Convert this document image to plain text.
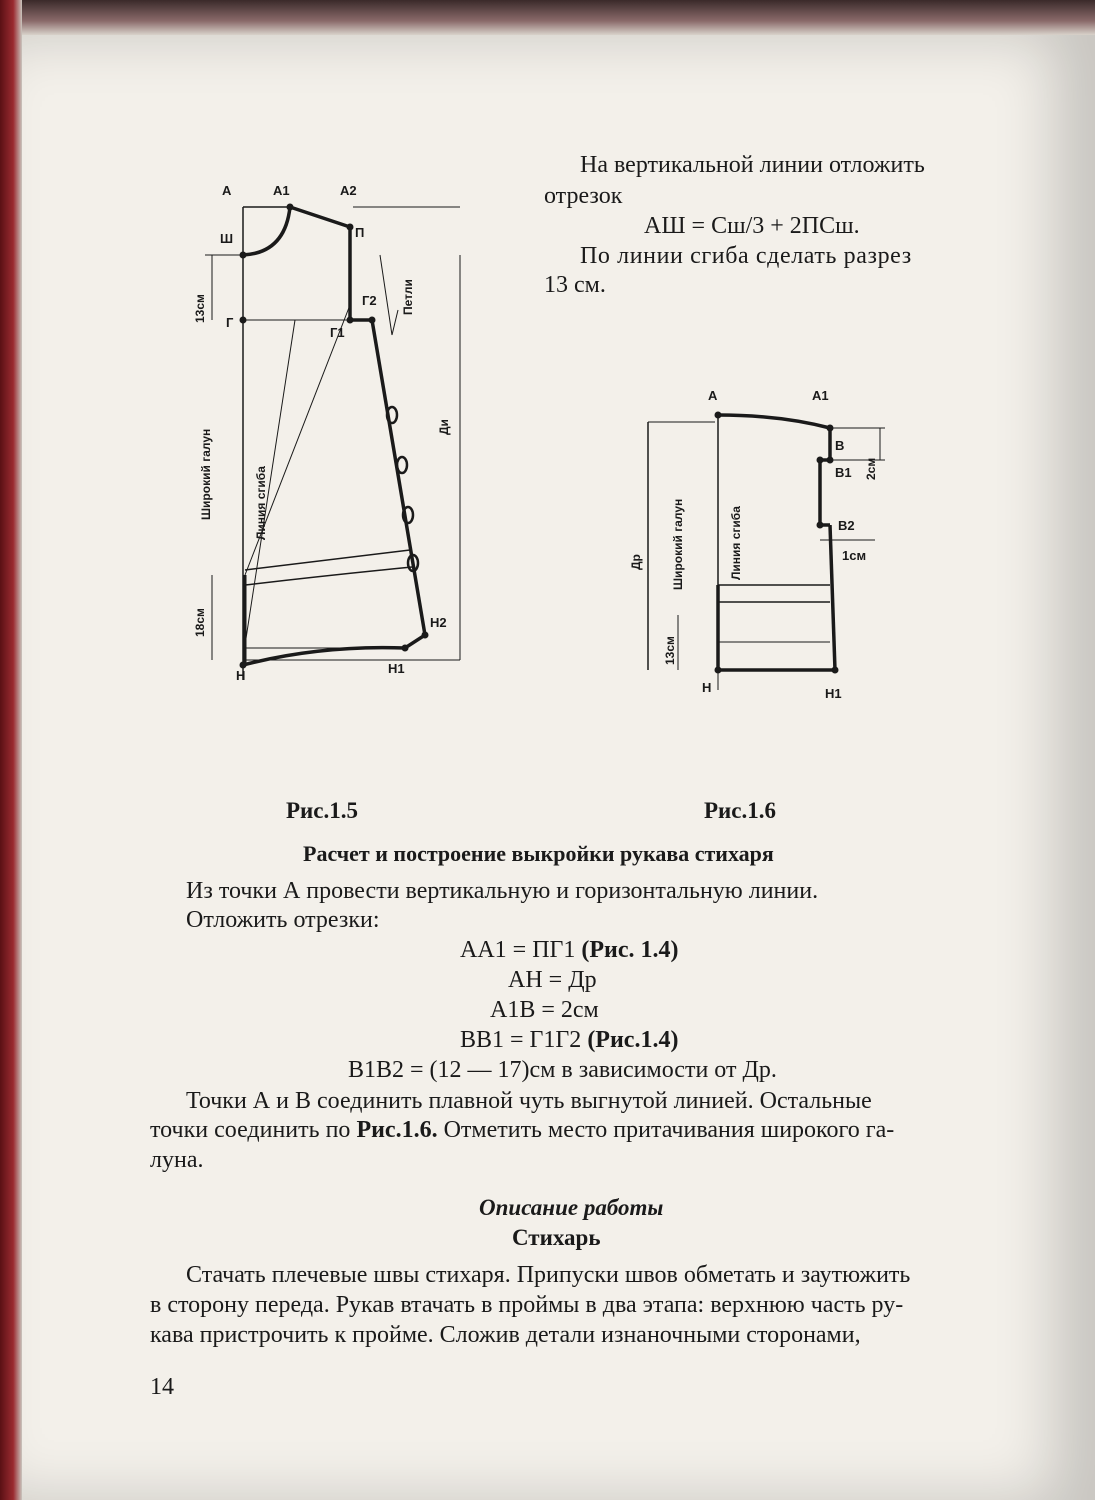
На вертикальной линии отложить
отрезок
АШ = Сш/3 + 2ПСш.
По линии сгиба сделать разрез
13 см.
А	А1	А2
Ш	П
Г
Г1
Г2
Н1
Н2
Н
Петли
Ди
Широкий галун	Линия сгиба
13см
18см
А	А1
В
В1
В2
1см
Н	Н1
2см
Др Широкий галун	Линия сгиба
13см
Рис.1.5	Рис.1.6
Расчет и построение выкройки рукава стихаря
Из точки А провести вертикальную и горизонтальную линии.
Отложить отрезки:
АА1 = ПГ1 (Рис. 1.4)
АН = Др
А1В = 2см
ВВ1 = Г1Г2 (Рис.1.4)
В1В2 = (12 — 17)см в зависимости от Др.
Точки А и В соединить плавной чуть выгнутой линией. Остальные
точки соединить по Рис.1.6. Отметить место притачивания широкого га-
луна.
Описание работы
Стихарь
Стачать плечевые швы стихаря. Припуски швов обметать и заутюжить
в сторону переда. Рукав втачать в проймы в два этапа: верхнюю часть ру-
кава пристрочить к пройме. Сложив детали изнаночными сторонами,
14
